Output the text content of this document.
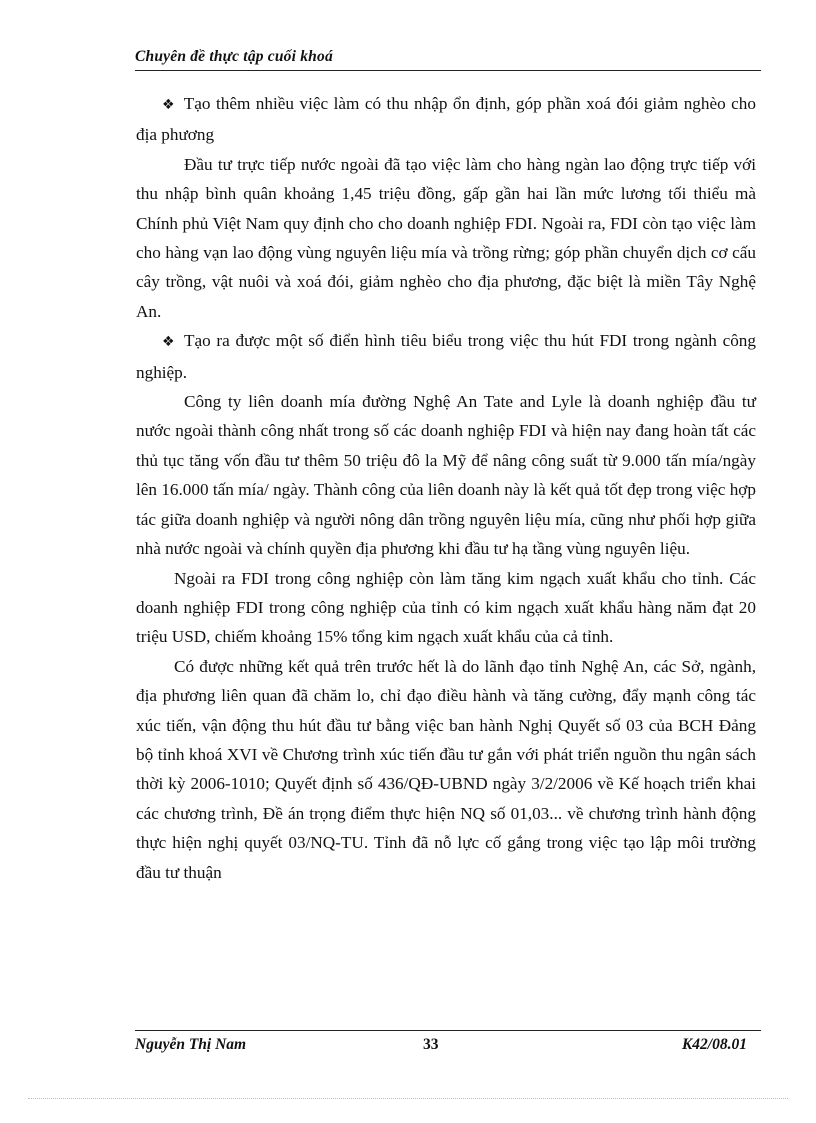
Chuyên đề thực tập cuối khoá

❖ Tạo thêm nhiều việc làm có thu nhập ổn định, góp phần xoá đói giảm nghèo cho địa phương

Đầu tư trực tiếp nước ngoài đã tạo việc làm cho hàng ngàn lao động trực tiếp với thu nhập bình quân khoảng 1,45 triệu đồng, gấp gần hai lần mức lương tối thiểu mà Chính phủ Việt Nam quy định cho cho doanh nghiệp FDI. Ngoài ra, FDI còn tạo việc làm cho hàng vạn lao động vùng nguyên liệu mía và trồng rừng; góp phần chuyển dịch cơ cấu cây trồng, vật nuôi và xoá đói, giảm nghèo cho địa phương, đặc biệt là miền Tây Nghệ An.

❖ Tạo ra được một số điển hình tiêu biểu trong việc thu hút FDI trong ngành công nghiệp.

Công ty liên doanh mía đường Nghệ An Tate and Lyle là doanh nghiệp đầu tư nước ngoài thành công nhất trong số các doanh nghiệp FDI và hiện nay đang hoàn tất các thủ tục tăng vốn đầu tư thêm 50 triệu đô la Mỹ để nâng công suất từ 9.000 tấn mía/ngày lên 16.000 tấn mía/ ngày. Thành công của liên doanh này là kết quả tốt đẹp trong việc hợp tác giữa doanh nghiệp và người nông dân trồng nguyên liệu mía, cũng như phối hợp giữa nhà nước ngoài và chính quyền địa phương khi đầu tư hạ tầng vùng nguyên liệu.

Ngoài ra FDI trong công nghiệp còn làm tăng kim ngạch xuất khẩu cho tỉnh. Các doanh nghiệp FDI trong công nghiệp của tỉnh có kim ngạch xuất khẩu hàng năm đạt 20 triệu USD, chiếm khoảng 15% tổng kim ngạch xuất khẩu của cả tỉnh.

Có được những kết quả trên trước hết là do lãnh đạo tỉnh Nghệ An, các Sở, ngành, địa phương liên quan đã chăm lo, chỉ đạo điều hành và tăng cường, đẩy mạnh công tác xúc tiến, vận động thu hút đầu tư bằng việc ban hành Nghị Quyết số 03 của BCH Đảng bộ tỉnh khoá XVI về Chương trình xúc tiến đầu tư gắn với phát triển nguồn thu ngân sách thời kỳ 2006-1010; Quyết định số 436/QĐ-UBND ngày 3/2/2006 về Kế hoạch triển khai các chương trình, Đề án trọng điểm thực hiện NQ số 01,03... về chương trình hành động thực hiện nghị quyết 03/NQ-TU. Tỉnh đã nỗ lực cố gắng trong việc tạo lập môi trường đầu tư thuận

Nguyễn Thị Nam	33	K42/08.01
